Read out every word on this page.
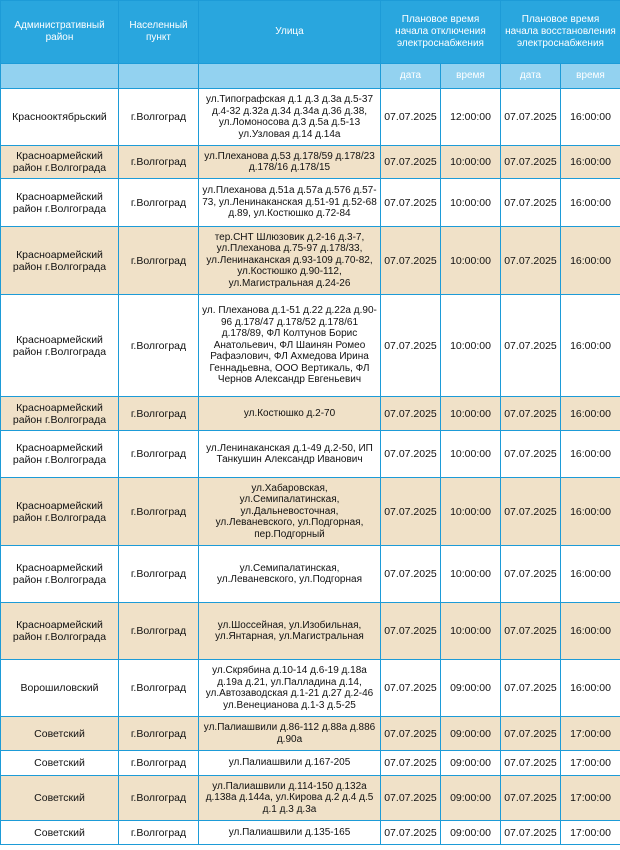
Административный район	Населенный пункт	Улица	Плановое время начала отключения электроснабжения		Плановое время начала восстановления электроснабжения	
			дата	время	дата	время
Краснооктябрьский	г.Волгоград	ул.Типографская д.1 д.3 д.3а д.5-37 д.4-32 д.32а д.34 д.34а д.36 д.38, ул.Ломоносова д.3 д.5а д.5-13 ул.Узловая д.14 д.14а	07.07.2025	12:00:00	07.07.2025	16:00:00
Красноармейский район г.Волгограда	г.Волгоград	ул.Плеханова д.53 д.178/59 д.178/23 д.178/16 д.178/15	07.07.2025	10:00:00	07.07.2025	16:00:00
Красноармейский район г.Волгограда	г.Волгоград	ул.Плеханова д.51а д.57а д.576 д.57-73, ул.Ленинаканская д.51-91 д.52-68 д.89, ул.Костюшко д.72-84	07.07.2025	10:00:00	07.07.2025	16:00:00
Красноармейский район г.Волгограда	г.Волгоград	тер.СНТ Шлюзовик д.2-16 д.3-7, ул.Плеханова д.75-97 д.178/33, ул.Ленинаканская д.93-109 д.70-82, ул.Костюшко д.90-112, ул.Магистральная д.24-26	07.07.2025	10:00:00	07.07.2025	16:00:00
Красноармейский район г.Волгограда	г.Волгоград	ул. Плеханова д.1-51 д.22 д.22а д.90-96 д.178/47 д.178/52 д.178/61 д.178/89, ФЛ Колтунов Борис Анатольевич, ФЛ Шаинян Ромео Рафаэлович, ФЛ Ахмедова Ирина Геннадьевна, ООО Вертикаль, ФЛ Чернов Александр Евгеньевич	07.07.2025	10:00:00	07.07.2025	16:00:00
Красноармейский район г.Волгограда	г.Волгоград	ул.Костюшко д.2-70	07.07.2025	10:00:00	07.07.2025	16:00:00
Красноармейский район г.Волгограда	г.Волгоград	ул.Ленинаканская д.1-49 д.2-50, ИП Танкушин Александр Иванович	07.07.2025	10:00:00	07.07.2025	16:00:00
Красноармейский район г.Волгограда	г.Волгоград	ул.Хабаровская, ул.Семипалатинская, ул.Дальневосточная, ул.Леваневского, ул.Подгорная, пер.Подгорный	07.07.2025	10:00:00	07.07.2025	16:00:00
Красноармейский район г.Волгограда	г.Волгоград	ул.Семипалатинская, ул.Леваневского, ул.Подгорная	07.07.2025	10:00:00	07.07.2025	16:00:00
Красноармейский район г.Волгограда	г.Волгоград	ул.Шоссейная, ул.Изобильная, ул.Янтарная, ул.Магистральная	07.07.2025	10:00:00	07.07.2025	16:00:00
Ворошиловский	г.Волгоград	ул.Скрябина д.10-14 д.6-19 д.18а д.19а д.21, ул.Палладина д.14, ул.Автозаводская д.1-21 д.27 д.2-46 ул.Венецианова д.1-3 д.5-25	07.07.2025	09:00:00	07.07.2025	16:00:00
Советский	г.Волгоград	ул.Палиашвили д.86-112 д.88а д.886 д.90а	07.07.2025	09:00:00	07.07.2025	17:00:00
Советский	г.Волгоград	ул.Палиашвили д.167-205	07.07.2025	09:00:00	07.07.2025	17:00:00
Советский	г.Волгоград	ул.Палиашвили д.114-150 д.132а д.138а д.144а, ул.Кирова д.2 д.4 д.5 д.1 д.3 д.3а	07.07.2025	09:00:00	07.07.2025	17:00:00
Советский	г.Волгоград	ул.Палиашвили д.135-165	07.07.2025	09:00:00	07.07.2025	17:00:00
